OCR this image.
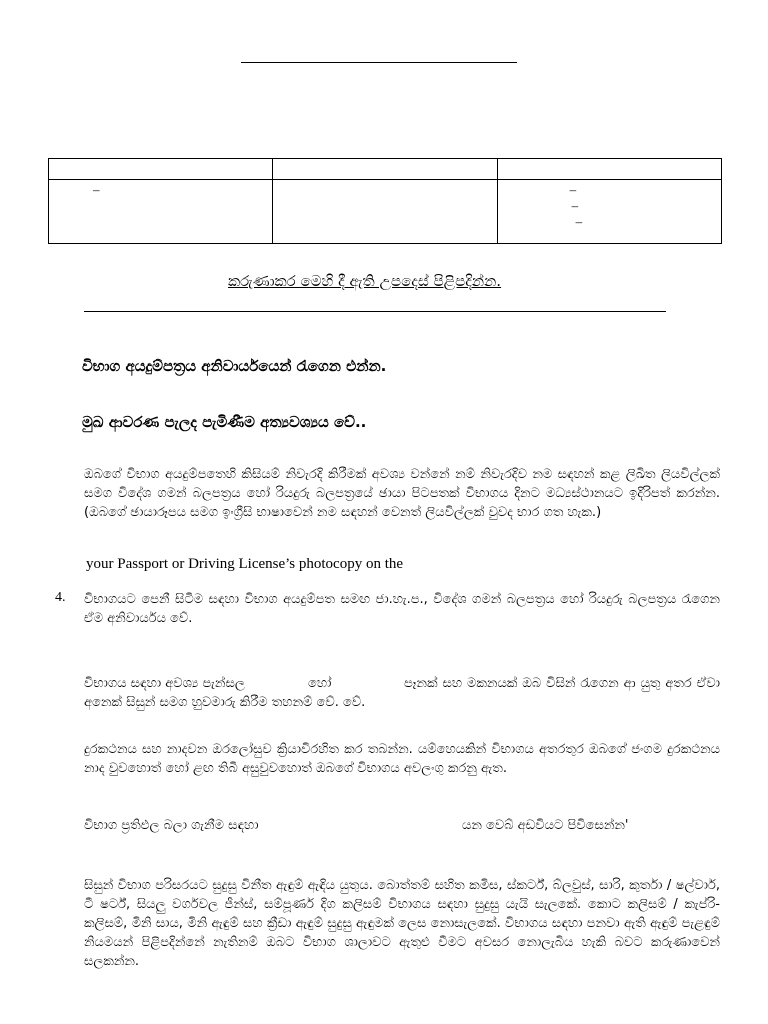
–		–
–
–
කරුණාකර මෙහි දී ඇති උපදෙස් පිළිපදින්න.
විභාග අයදුම්පත්‍රය අනිවාර්යයෙන් රැගෙන එන්න.
මුඛ ආවරණ පැලද පැමිණීම අත්‍යවශ්‍යය වේ..
ඔබගේ විභාග අයදුම්පතෙහි කිසියම් නිවැරදි කිරීමක් අවශ්‍ය වන්නේ නම් නිවැරදිව නම සඳහන් කළ ලිඛිත ලියවිල්ලක් සමග විදේශ ගමන් බලපත්‍රය හෝ රියදුරු බලපත්‍රයේ ඡායා පිටපතක් විභාගය දිනට මධ්‍යස්ථානයට ඉදිරිපත් කරන්න. (ඔබගේ ඡායාරූපය සමග ඉංග්‍රීසි භාෂාවෙන් නම සඳහන් වෙනත් ලියවිල්ලක් වුවද භාර ගත හැක.)
your Passport or Driving License’s photocopy on the
4. විභාගයට පෙනී සිටීම සඳහා විභාග අයදුම්පත සමඟ ජා.හැ.ප., විදේශ ගමන් බලපත්‍රය හෝ රියදුරු බලපත්‍රය රැගෙන ඒම අනිවාර්යය වේ.
විභාගය සඳහා අවශ්‍ය පැන්සල	හෝ	පෑනක් සහ මකනයක් ඔබ විසින් රැගෙන ආ යුතු අතර ඒවා අනෙක් සිසුන් සමග හුවමාරු කිරීම තහනම් වේ. වේ.
දුරකථනය සහ නාදවන ඔරලෝසුව ක්‍රියාවිරහිත කර තබන්න. යම්හෙයකින් විභාගය අතරතුර ඔබගේ ජංගම දුරකථනය නාද වුවහොත් හෝ ළඟ තිබී අසුවුවහොත් ඔබගේ විභාගය අවලංගු කරනු ඇත.
විභාග ප්‍රතිඵල බලා ගැනීම සඳහා	යන වෙබ් අඩවියට පිවිසෙන්න'
සිසුන් විභාග පරිසරයට සුදුසු විනීත ඇඳුම් ඇඳිය යුතුය. බොත්තම් සහිත කමිස, ස්කර්ට්, බ්ලවුස්, සාරි, කුර්තා / ෂල්වාර්, ටී ෂර්ට්, සියලු වර්ගවල ජීන්ස්, සම්පූර්ණ දිග කලිසම් විභාගය සඳහා සුදුසු යැයි සැලකේ. කොට කලිසම් / කැප්රි-කලිසම්, මිනි සාය, මිනි ඇඳුම් සහ ක්‍රීඩා ඇඳුම් සුදුසු ඇඳුමක් ලෙස නොසැලකේ. විභාගය සඳහා පනවා ඇති ඇඳුම් පැළඳුම් නියමයන් පිළිපදින්නේ නැතිනම් ඔබට විභාග ශාලාවට ඇතුළු වීමට අවසර නොලැබිය හැකි බවට කරුණාවෙන් සලකන්න.
